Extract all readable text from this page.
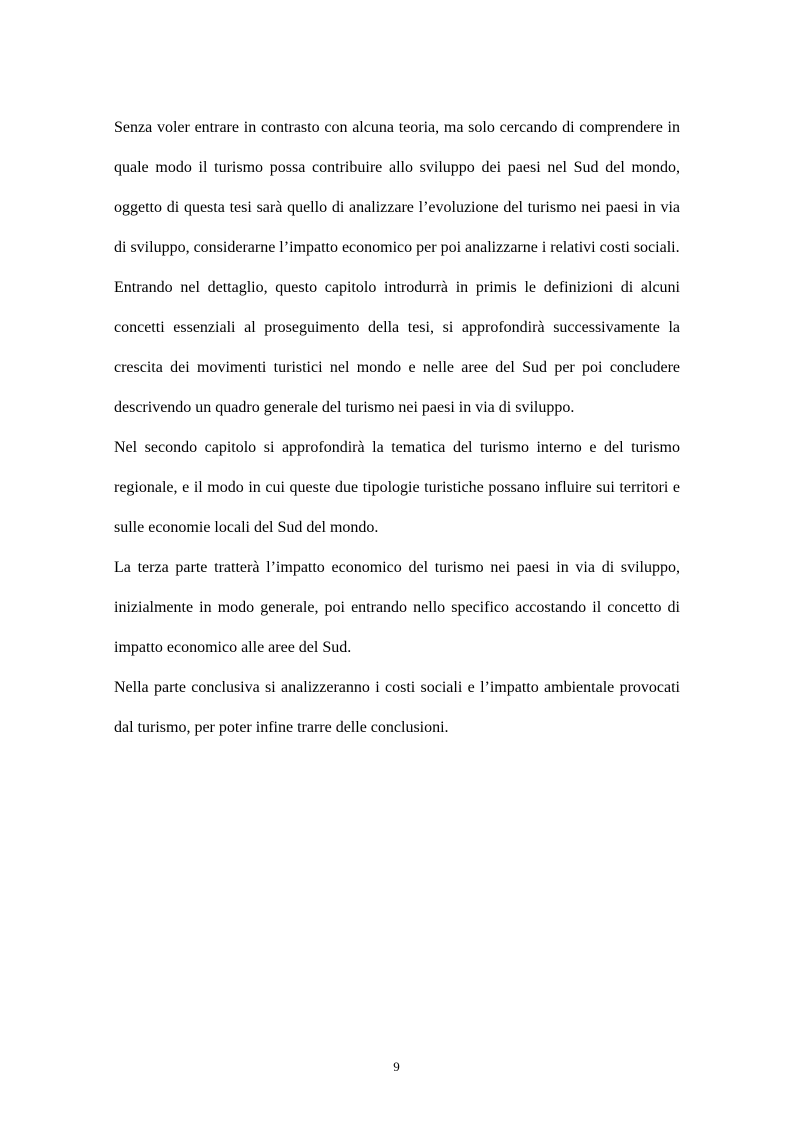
Senza voler entrare in contrasto con alcuna teoria, ma solo cercando di comprendere in quale modo il turismo possa contribuire allo sviluppo dei paesi nel Sud del mondo, oggetto di questa tesi sarà quello di analizzare l’evoluzione del turismo nei paesi in via di sviluppo, considerarne l’impatto economico per poi analizzarne i relativi costi sociali.

Entrando nel dettaglio, questo capitolo introdurrà in primis le definizioni di alcuni concetti essenziali al proseguimento della tesi, si approfondirà successivamente la crescita dei movimenti turistici nel mondo e nelle aree del Sud per poi concludere descrivendo un quadro generale del turismo nei paesi in via di sviluppo.

Nel secondo capitolo si approfondirà la tematica del turismo interno e del turismo regionale, e il modo in cui queste due tipologie turistiche possano influire sui territori e sulle economie locali del Sud del mondo.

La terza parte tratterà l’impatto economico del turismo nei paesi in via di sviluppo, inizialmente in modo generale, poi entrando nello specifico accostando il concetto di impatto economico alle aree del Sud.

Nella parte conclusiva si analizzeranno i costi sociali e l’impatto ambientale provocati dal turismo, per poter infine trarre delle conclusioni.

9
